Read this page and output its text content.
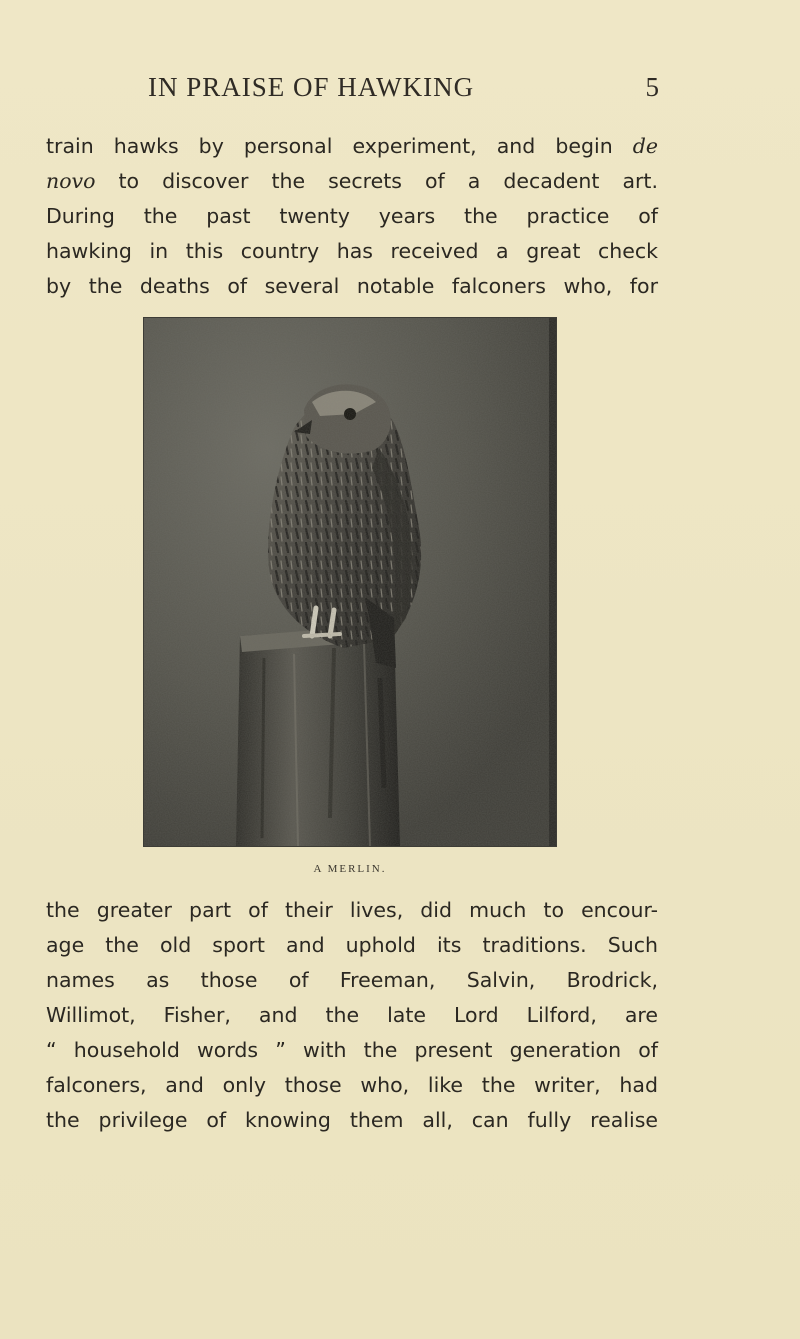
IN PRAISE OF HAWKING	5
train hawks by personal experiment, and begin de
novo to discover the secrets of a decadent art.
During the past twenty years the practice of
hawking in this country has received a great check
by the deaths of several notable falconers who, for
A MERLIN.
the greater part of their lives, did much to encour-
age the old sport and uphold its traditions. Such
names as those of Freeman, Salvin, Brodrick,
Willimot, Fisher, and the late Lord Lilford, are
“ household words ” with the present generation of
falconers, and only those who, like the writer, had
the privilege of knowing them all, can fully realise
